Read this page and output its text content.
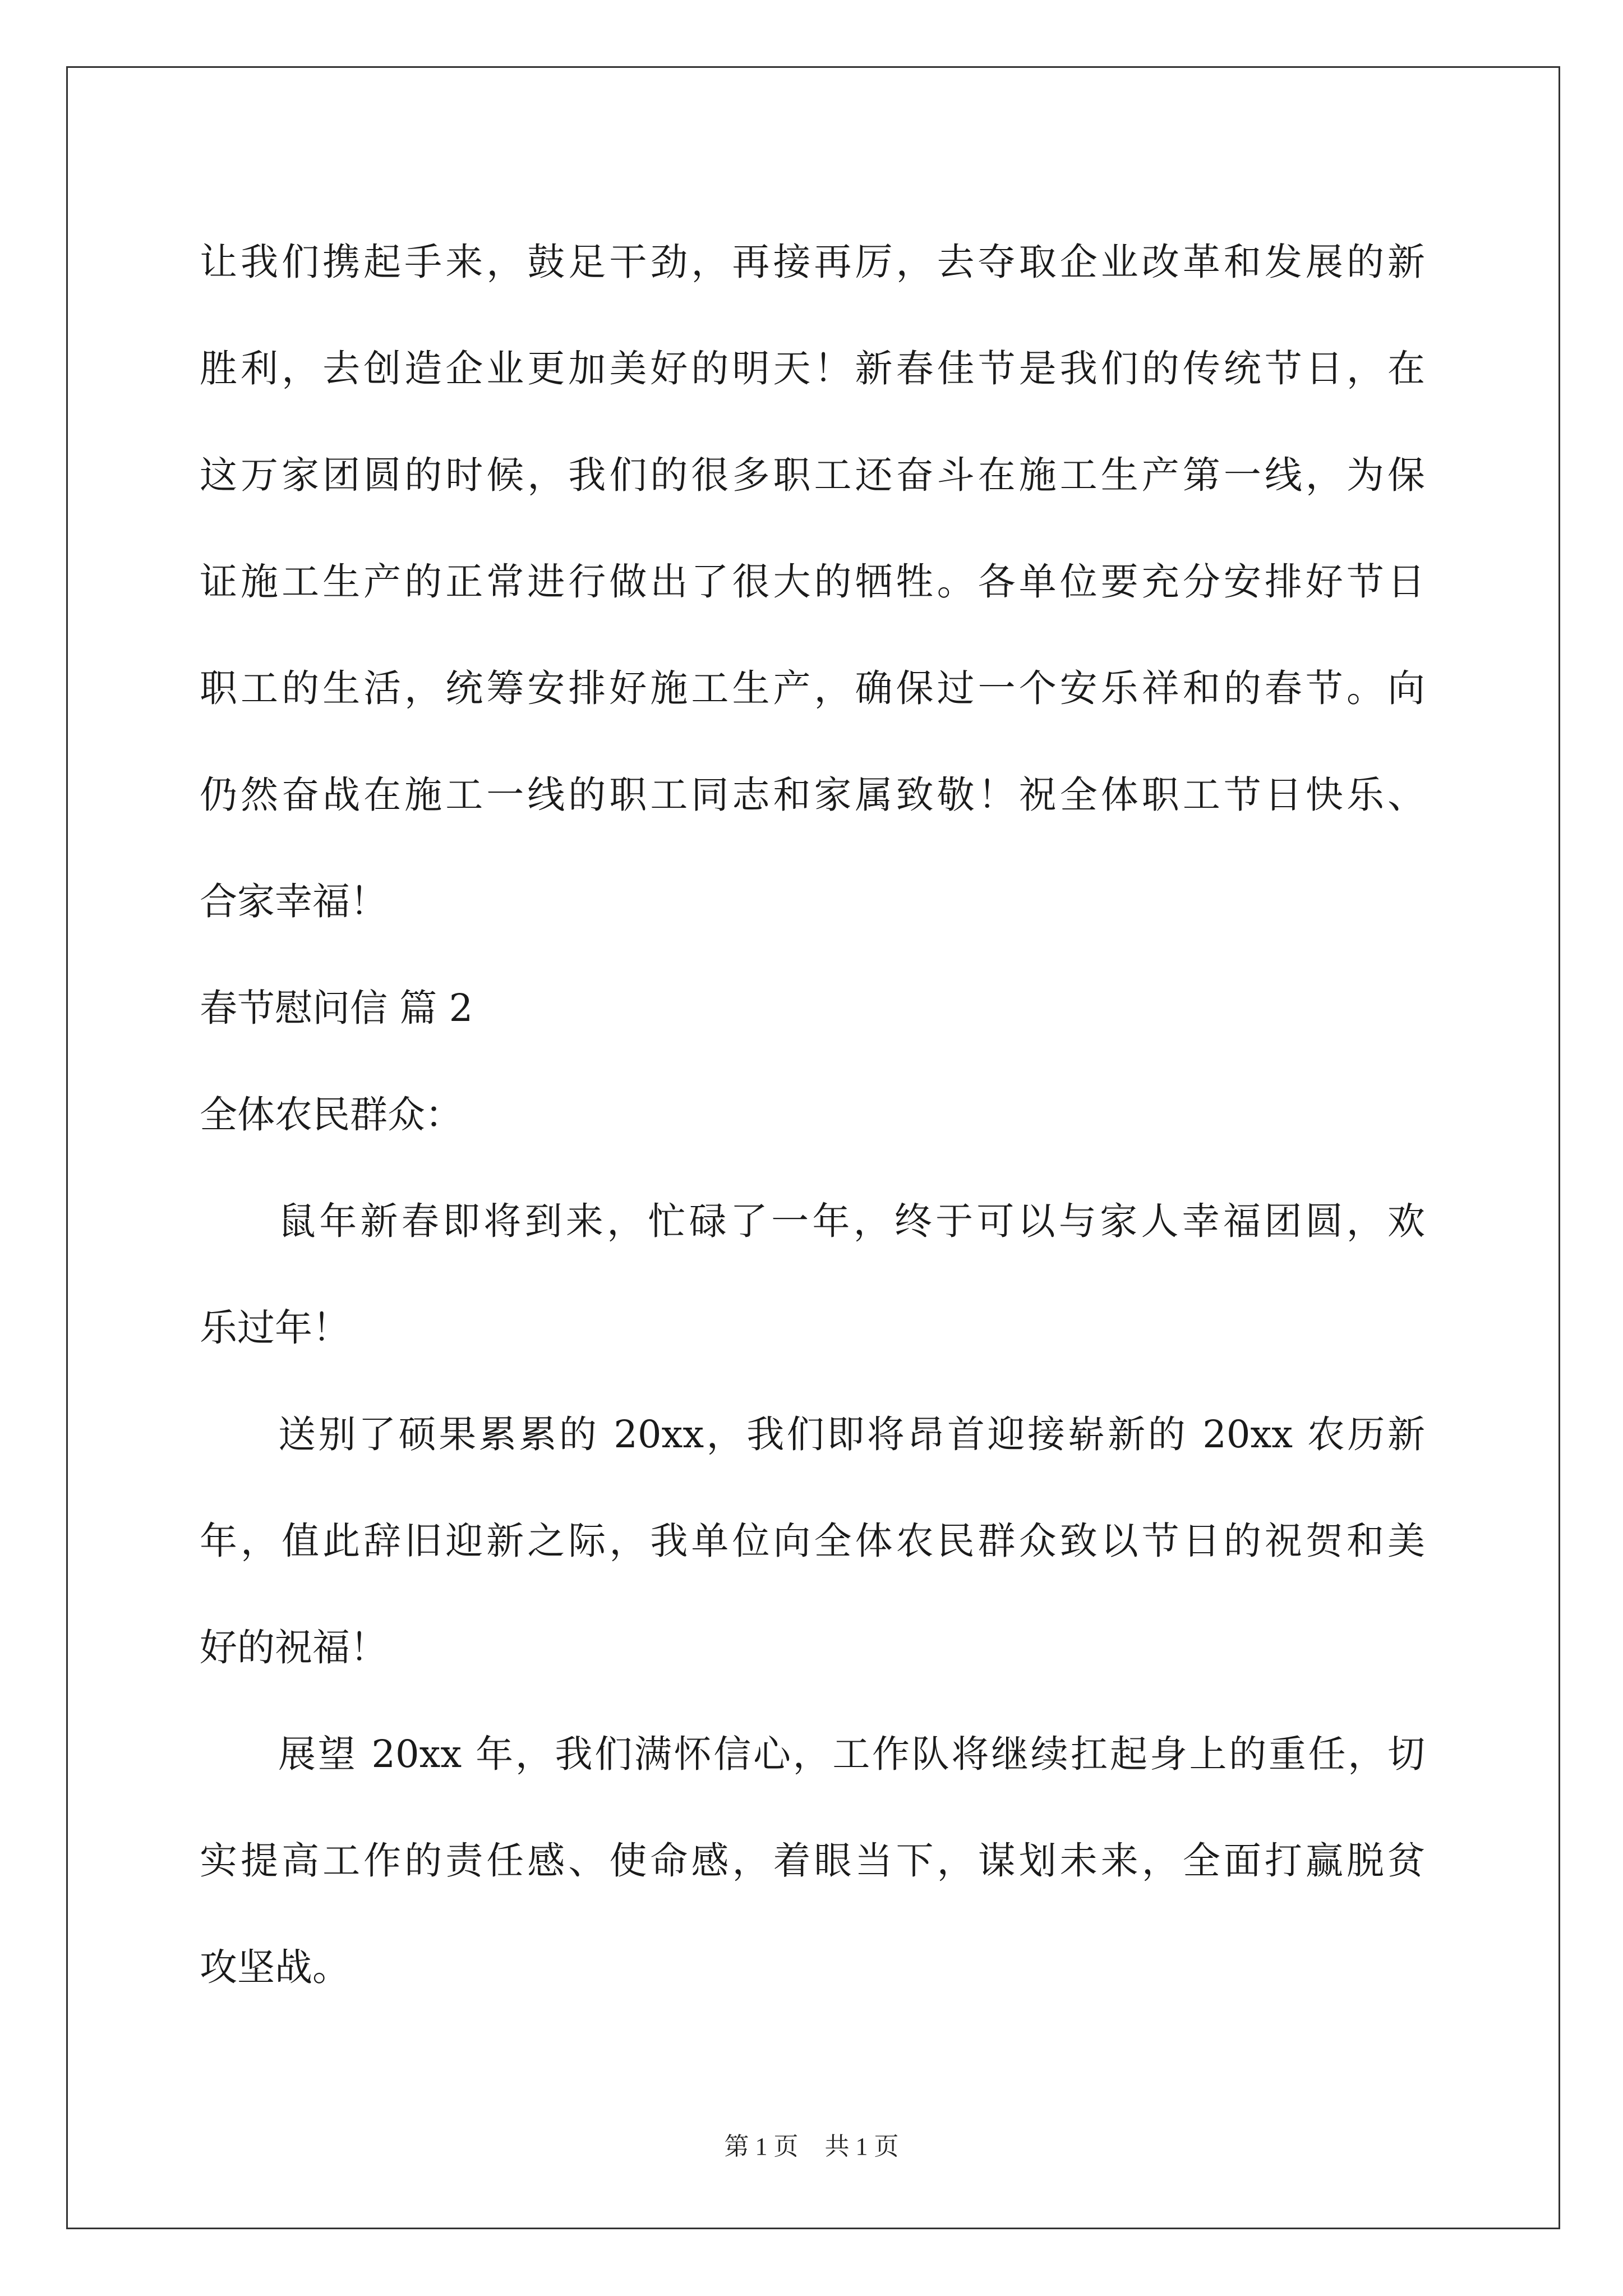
让我们携起手来，鼓足干劲，再接再厉，去夺取企业改革和发展的新
胜利，去创造企业更加美好的明天！新春佳节是我们的传统节日，在
这万家团圆的时候，我们的很多职工还奋斗在施工生产第一线，为保
证施工生产的正常进行做出了很大的牺牲。各单位要充分安排好节日
职工的生活，统筹安排好施工生产，确保过一个安乐祥和的春节。向
仍然奋战在施工一线的职工同志和家属致敬！祝全体职工节日快乐、
合家幸福！
春节慰问信 篇 2
全体农民群众：
鼠年新春即将到来，忙碌了一年，终于可以与家人幸福团圆，欢
乐过年！
送别了硕果累累的 20xx，我们即将昂首迎接崭新的 20xx 农历新
年，值此辞旧迎新之际，我单位向全体农民群众致以节日的祝贺和美
好的祝福！
展望 20xx 年，我们满怀信心，工作队将继续扛起身上的重任，切
实提高工作的责任感、使命感，着眼当下，谋划未来，全面打赢脱贫
攻坚战。
第 1 页 共 1 页
